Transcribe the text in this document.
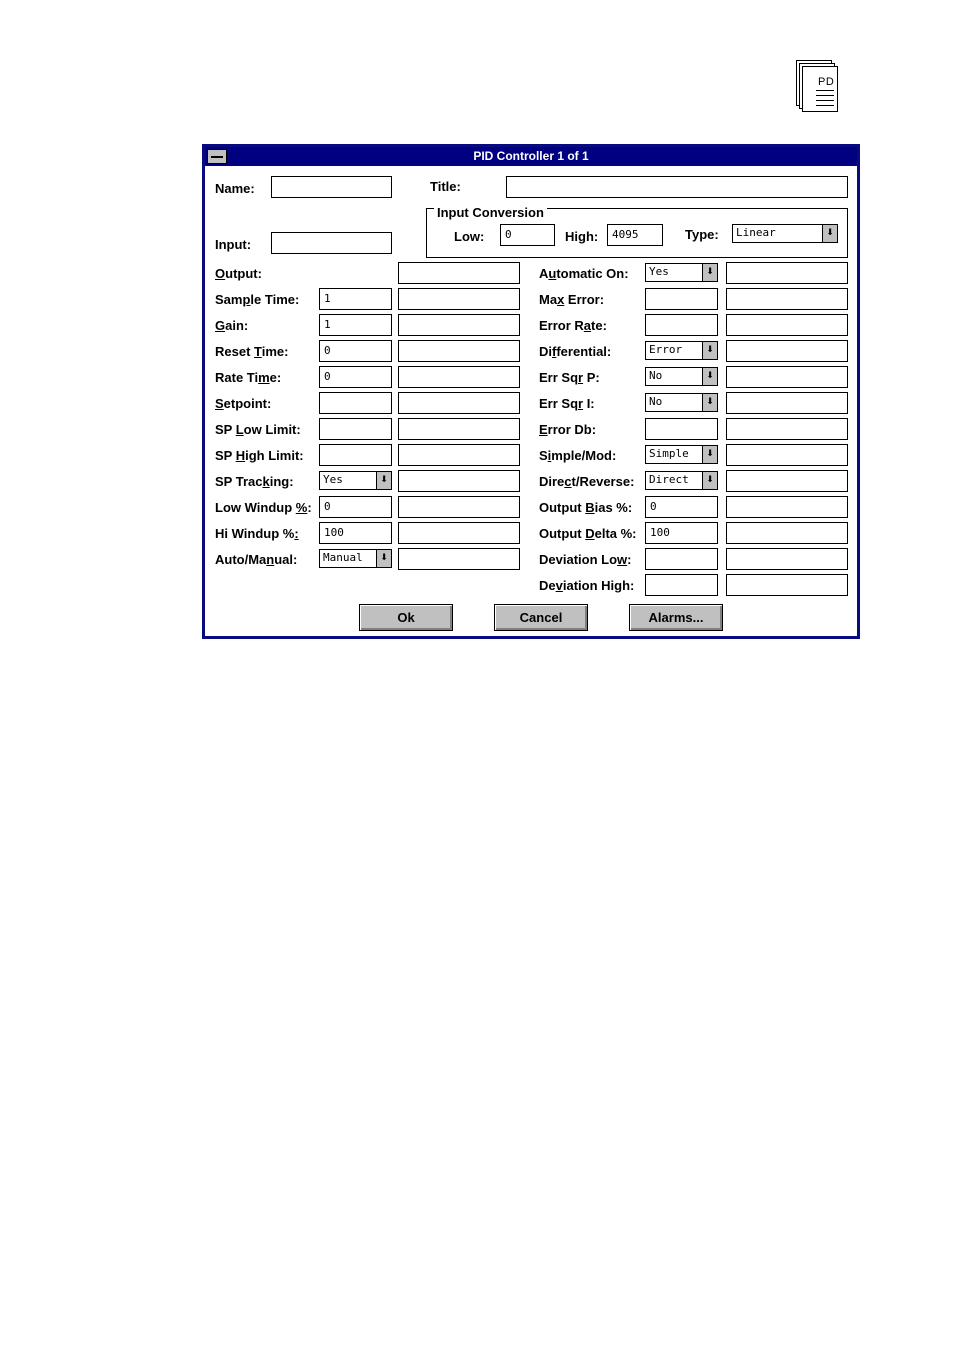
PD
PID Controller 1 of 1
Name:	Title:
Input:
Input Conversion
Low:	0	High:	4095	Type:	Linear	⬇
Output:
Sample Time:	1
Gain:	1
Reset Time:	0
Rate Time:	0
Setpoint:
SP Low Limit:
SP High Limit:
SP Tracking:	Yes	⬇
Low Windup %:	0
Hi Windup %:	100
Auto/Manual:	Manual	⬇
Automatic On:	Yes	⬇
Max Error:
Error Rate:
Differential:	Error	⬇
Err Sqr P:	No	⬇
Err Sqr I:	No	⬇
Error Db:
Simple/Mod:	Simple	⬇
Direct/Reverse:	Direct	⬇
Output Bias %:	0
Output Delta %:	100
Deviation Low:
Deviation High:
Ok	Cancel	Alarms...
